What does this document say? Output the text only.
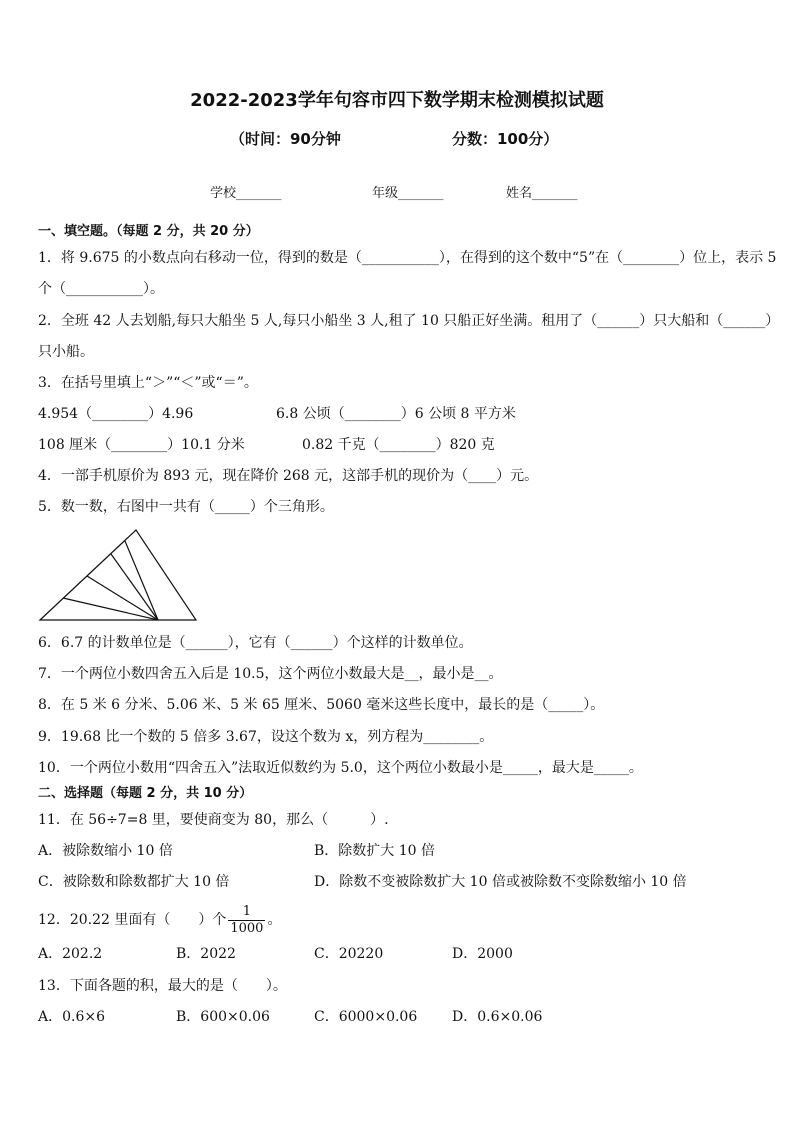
2022-2023学年句容市四下数学期末检测模拟试题
（时间：90分钟	分数：100分）
学校_______	年级_______	姓名_______
一、填空题。（每题 2 分，共 20 分）
1．将 9.675 的小数点向右移动一位，得到的数是（___________），在得到的这个数中“5”在（________）位上，表示 5
个（___________）。
2．全班 42 人去划船,每只大船坐 5 人,每只小船坐 3 人,租了 10 只船正好坐满。租用了（______）只大船和（______）
只小船。
3．在括号里填上“＞”“＜”或“＝”。
4.954（________）4.96	6.8 公顷（________）6 公顷 8 平方米
108 厘米（________）10.1 分米	0.82 千克（________）820 克
4．一部手机原价为 893 元，现在降价 268 元，这部手机的现价为（____）元。
5．数一数，右图中一共有（_____）个三角形。
6．6.7 的计数单位是（______），它有（______）个这样的计数单位。
7．一个两位小数四舍五入后是 10.5，这个两位小数最大是__，最小是__。
8．在 5 米 6 分米、5.06 米、5 米 65 厘米、5060 毫米这些长度中，最长的是（_____）。
9．19.68 比一个数的 5 倍多 3.67，设这个数为 x，列方程为________。
10．一个两位小数用“四舍五入”法取近似数约为 5.0，这个两位小数最小是_____，最大是_____。
二、选择题（每题 2 分，共 10 分）
11．在 56÷7=8 里，要使商变为 80，那么（　　　）.
A．被除数缩小 10 倍	B．除数扩大 10 倍
C．被除数和除数都扩大 10 倍	D．除数不变被除数扩大 10 倍或被除数不变除数缩小 10 倍
12．20.22 里面有（　　）个 $\frac{1}{1000}$ 。
A．202.2	B．2022	C．20220	D．2000
13．下面各题的积，最大的是（　　）。
A．0.6×6	B．600×0.06	C．6000×0.06 D．0.6×0.06
